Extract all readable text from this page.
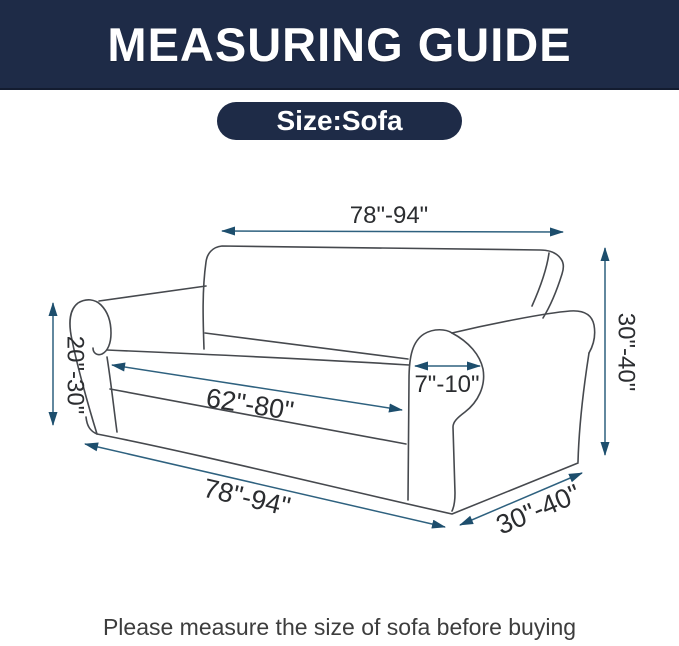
MEASURING GUIDE
Size:Sofa
78"-94"
20"-30"	30"-40"
7"-10"
62"-80"
78"-94"	30"-40"

Please measure the size of sofa before buying
